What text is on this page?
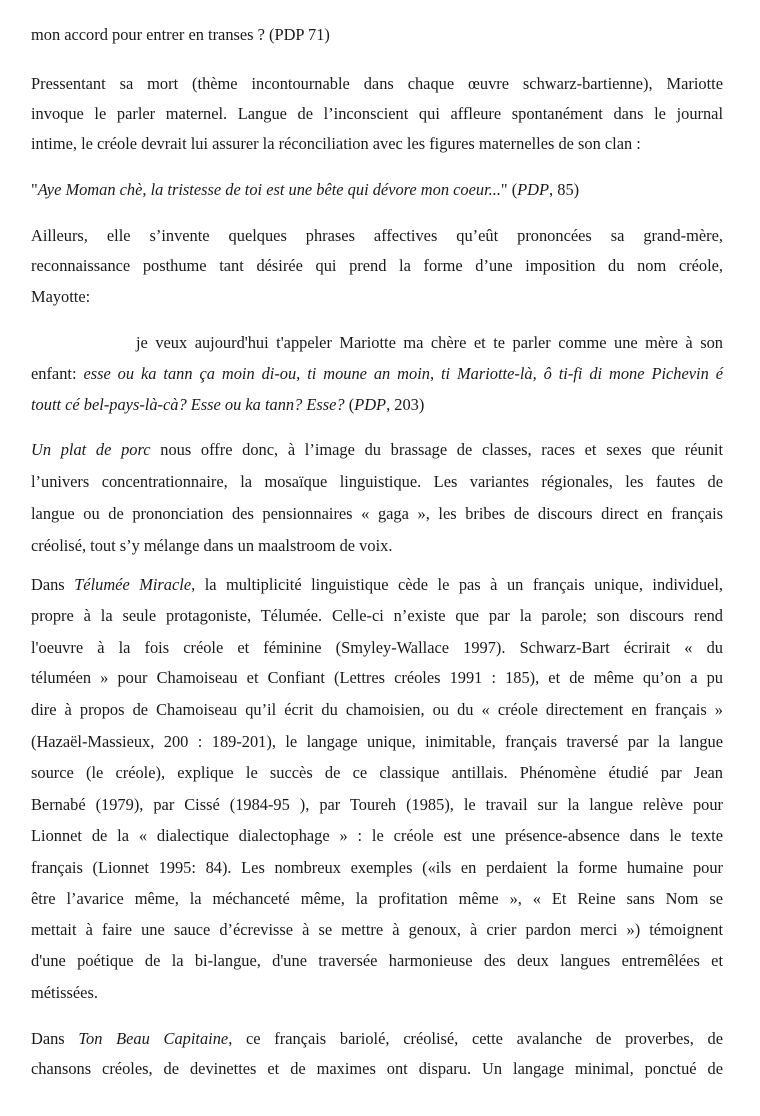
mon accord pour entrer en transes ? (PDP 71)
Pressentant sa mort (thème incontournable dans chaque œuvre schwarz-bartienne), Mariotte
invoque le parler maternel. Langue de l’inconscient qui affleure spontanément dans le journal
intime, le créole devrait lui assurer la réconciliation avec les figures maternelles de son clan :
"Aye Moman chè, la tristesse de toi est une bête qui dévore mon coeur..." (PDP, 85)
Ailleurs, elle s’invente quelques phrases affectives qu’eût prononcées sa grand-mère,
reconnaissance posthume tant désirée qui prend la forme d’une imposition du nom créole,
Mayotte:
je veux aujourd'hui t'appeler Mariotte ma chère et te parler comme une mère à son
enfant: esse ou ka tann ça moin di-ou, ti moune an moin, ti Mariotte-là, ô ti-fi di mone Pichevin é
toutt cé bel-pays-là-cà? Esse ou ka tann? Esse? (PDP, 203)
Un plat de porc nous offre donc, à l’image du brassage de classes, races et sexes que réunit
l’univers concentrationnaire, la mosaïque linguistique. Les variantes régionales, les fautes de
langue ou de prononciation des pensionnaires « gaga », les bribes de discours direct en français
créolisé, tout s’y mélange dans un maalstroom de voix.
Dans Télumée Miracle, la multiplicité linguistique cède le pas à un français unique, individuel,
propre à la seule protagoniste, Télumée. Celle-ci n’existe que par la parole; son discours rend
l'oeuvre à la fois créole et féminine (Smyley-Wallace 1997). Schwarz-Bart écrirait « du
téluméen » pour Chamoiseau et Confiant (Lettres créoles 1991 : 185), et de même qu’on a pu
dire à propos de Chamoiseau qu’il écrit du chamoisien, ou du « créole directement en français »
(Hazaël-Massieux, 200 : 189-201), le langage unique, inimitable, français traversé par la langue
source (le créole), explique le succès de ce classique antillais. Phénomène étudié par Jean
Bernabé (1979), par Cissé (1984-95 ), par Toureh (1985), le travail sur la langue relève pour
Lionnet de la « dialectique dialectophage » : le créole est une présence-absence dans le texte
français (Lionnet 1995: 84). Les nombreux exemples («ils en perdaient la forme humaine pour
être l’avarice même, la méchanceté même, la profitation même », « Et Reine sans Nom se
mettait à faire une sauce d’écrevisse à se mettre à genoux, à crier pardon merci ») témoignent
d'une poétique de la bi-langue, d'une traversée harmonieuse des deux langues entremêlées et
métissées.
Dans Ton Beau Capitaine, ce français bariolé, créolisé, cette avalanche de proverbes, de
chansons créoles, de devinettes et de maximes ont disparu. Un langage minimal, ponctué de
